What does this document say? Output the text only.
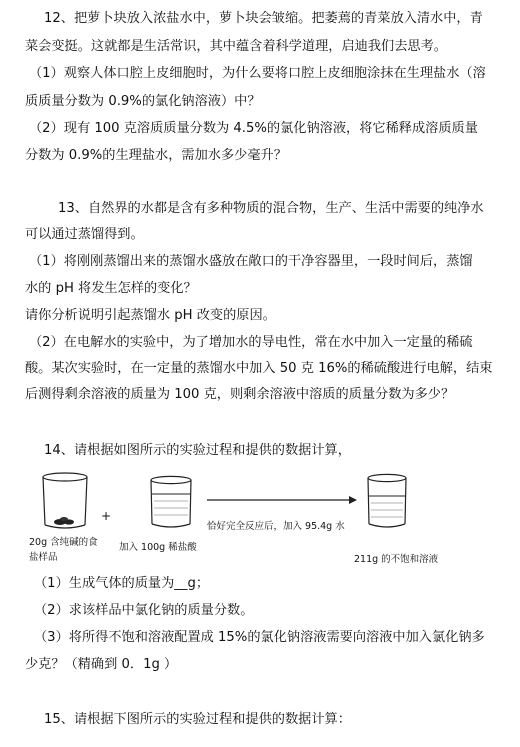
12、把萝卜块放入浓盐水中，萝卜块会皱缩。把萎蔫的青菜放入清水中，青
菜会变挺。这就都是生活常识，其中蕴含着科学道理，启迪我们去思考。
（1）观察人体口腔上皮细胞时，为什么要将口腔上皮细胞涂抹在生理盐水（溶
质质量分数为 0.9%的氯化钠溶液）中？
（2）现有 100 克溶质质量分数为 4.5%的氯化钠溶液，将它稀释成溶质质量
分数为 0.9%的生理盐水，需加水多少毫升？
13、自然界的水都是含有多种物质的混合物，生产、生活中需要的纯净水
可以通过蒸馏得到。
（1）将刚刚蒸馏出来的蒸馏水盛放在敞口的干净容器里，一段时间后，蒸馏
水的 pH 将发生怎样的变化？
请你分析说明引起蒸馏水 pH 改变的原因。
（2）在电解水的实验中，为了增加水的导电性，常在水中加入一定量的稀硫
酸。某次实验时，在一定量的蒸馏水中加入 50 克 16%的稀硫酸进行电解，结束
后测得剩余溶液的质量为 100 克，则剩余溶液中溶质的质量分数为多少？
14、请根据如图所示的实验过程和提供的数据计算，
20g 含纯碱的食
盐样品
+
加入 100g 稀盐酸
恰好完全反应后，加入 95.4g 水
211g 的不饱和溶液
（1）生成气体的质量为__g；
（2）求该样品中氯化钠的质量分数。
（3）将所得不饱和溶液配置成 15%的氯化钠溶液需要向溶液中加入氯化钠多
少克？（精确到 0．1g ）
15、请根据下图所示的实验过程和提供的数据计算：
